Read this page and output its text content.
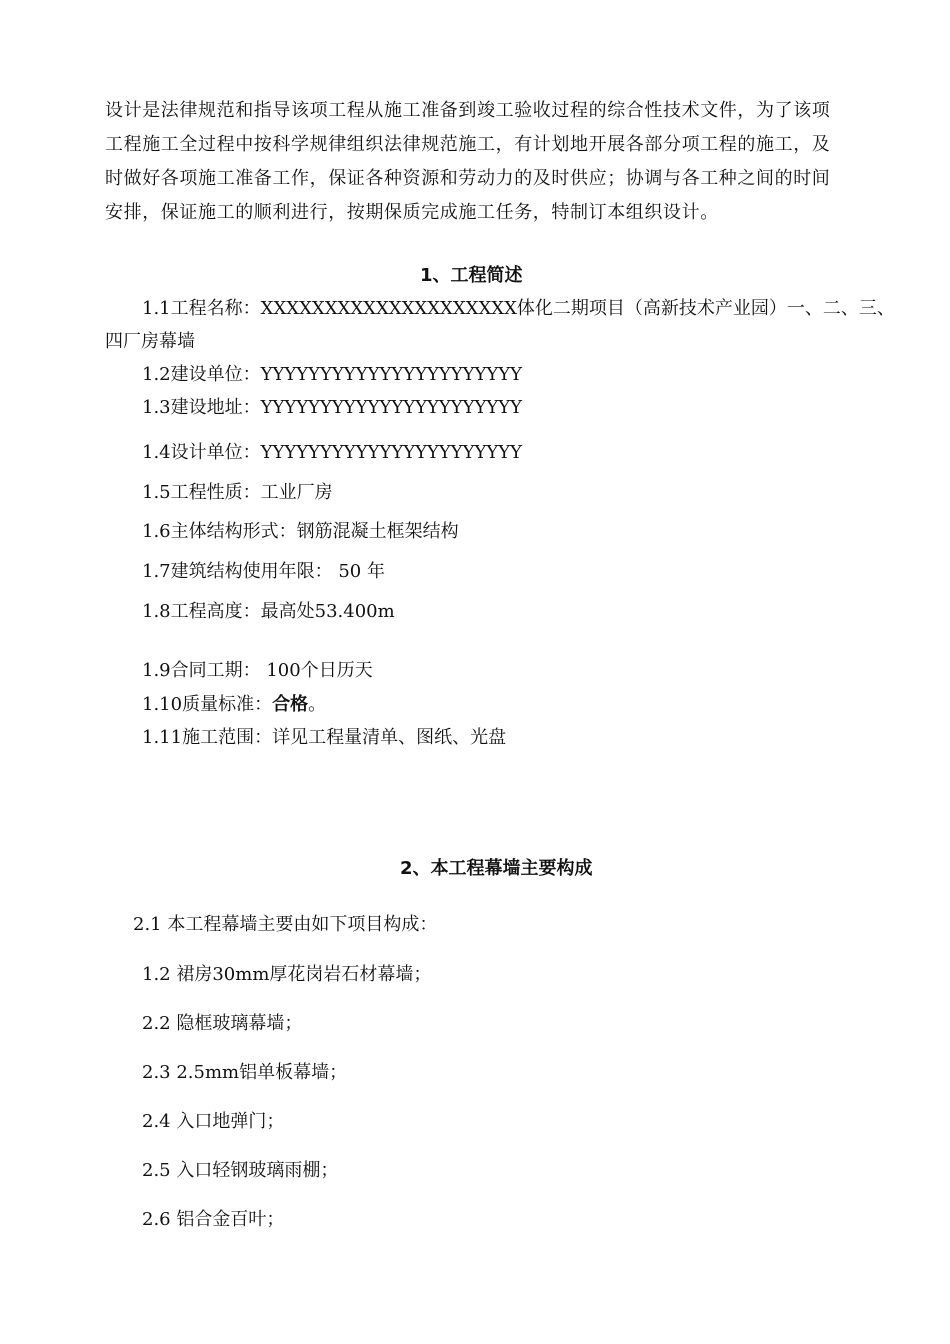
设计是法律规范和指导该项工程从施工准备到竣工验收过程的综合性技术文件，为了该项
工程施工全过程中按科学规律组织法律规范施工，有计划地开展各部分项工程的施工，及
时做好各项施工准备工作，保证各种资源和劳动力的及时供应；协调与各工种之间的时间
安排，保证施工的顺利进行，按期保质完成施工任务，特制订本组织设计。
1、工程简述
1.1工程名称：XXXXXXXXXXXXXXXXXXXX体化二期项目（高新技术产业园）一、二、三、
四厂房幕墙
1.2建设单位：YYYYYYYYYYYYYYYYYYYYYY
1.3建设地址：YYYYYYYYYYYYYYYYYYYYYY
1.4设计单位：YYYYYYYYYYYYYYYYYYYYYY
1.5工程性质：工业厂房
1.6主体结构形式：钢筋混凝土框架结构
1.7建筑结构使用年限： 50 年
1.8工程高度：最高处53.400m
1.9合同工期： 100个日历天
1.10质量标准：合格。
1.11施工范围：详见工程量清单、图纸、光盘
2、本工程幕墙主要构成
2.1 本工程幕墙主要由如下项目构成：
1.2 裙房30mm厚花岗岩石材幕墙；
2.2 隐框玻璃幕墙；
2.3 2.5mm铝单板幕墙；
2.4 入口地弹门；
2.5 入口轻钢玻璃雨棚；
2.6 铝合金百叶；
